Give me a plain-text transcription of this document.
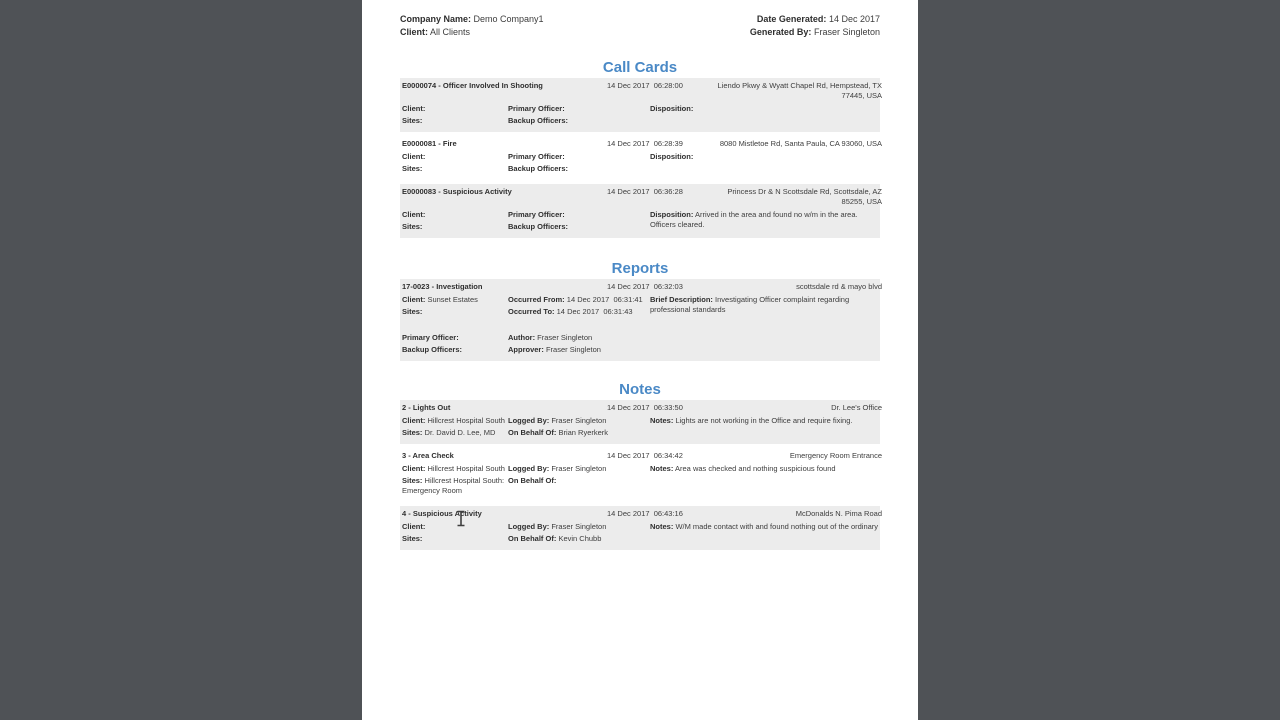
Company Name: Demo Company1
Client: All Clients
Date Generated: 14 Dec 2017
Generated By: Fraser Singleton
Call Cards
E0000074 - Officer Involved In Shooting	14 Dec 2017  06:28:00	Liendo Pkwy & Wyatt Chapel Rd, Hempstead, TX 77445, USA
Client:
Sites:
Primary Officer:
Backup Officers:
Disposition:
E0000081 - Fire	14 Dec 2017  06:28:39	8080 Mistletoe Rd, Santa Paula, CA 93060, USA
Client:
Sites:
Primary Officer:
Backup Officers:
Disposition:
E0000083 - Suspicious Activity	14 Dec 2017  06:36:28	Princess Dr & N Scottsdale Rd, Scottsdale, AZ 85255, USA
Client:
Sites:
Primary Officer:
Backup Officers:
Disposition: Arrived in the area and found no w/m in the area. Officers cleared.
Reports
17-0023 - Investigation	14 Dec 2017  06:32:03	scottsdale rd & mayo blvd
Client: Sunset Estates
Sites:
Occurred From: 14 Dec 2017  06:31:41
Occurred To: 14 Dec 2017  06:31:43
Brief Description: Investigating Officer complaint regarding professional standards
Primary Officer:
Backup Officers:
Author: Fraser Singleton
Approver: Fraser Singleton
Notes
2 - Lights Out	14 Dec 2017  06:33:50	Dr. Lee's Office
Client: Hillcrest Hospital South
Sites: Dr. David D. Lee, MD
Logged By: Fraser Singleton
On Behalf Of: Brian Ryerkerk
Notes: Lights are not working in the Office and require fixing.
3 - Area Check	14 Dec 2017  06:34:42	Emergency Room Entrance
Client: Hillcrest Hospital South
Sites: Hillcrest Hospital South: Emergency Room
Logged By: Fraser Singleton
On Behalf Of:
Notes: Area was checked and nothing suspicious found
4 - Suspicious Activity	14 Dec 2017  06:43:16	McDonalds N. Pima Road
Client:
Sites:
Logged By: Fraser Singleton
On Behalf Of: Kevin Chubb
Notes: W/M made contact with and found nothing out of the ordinary
